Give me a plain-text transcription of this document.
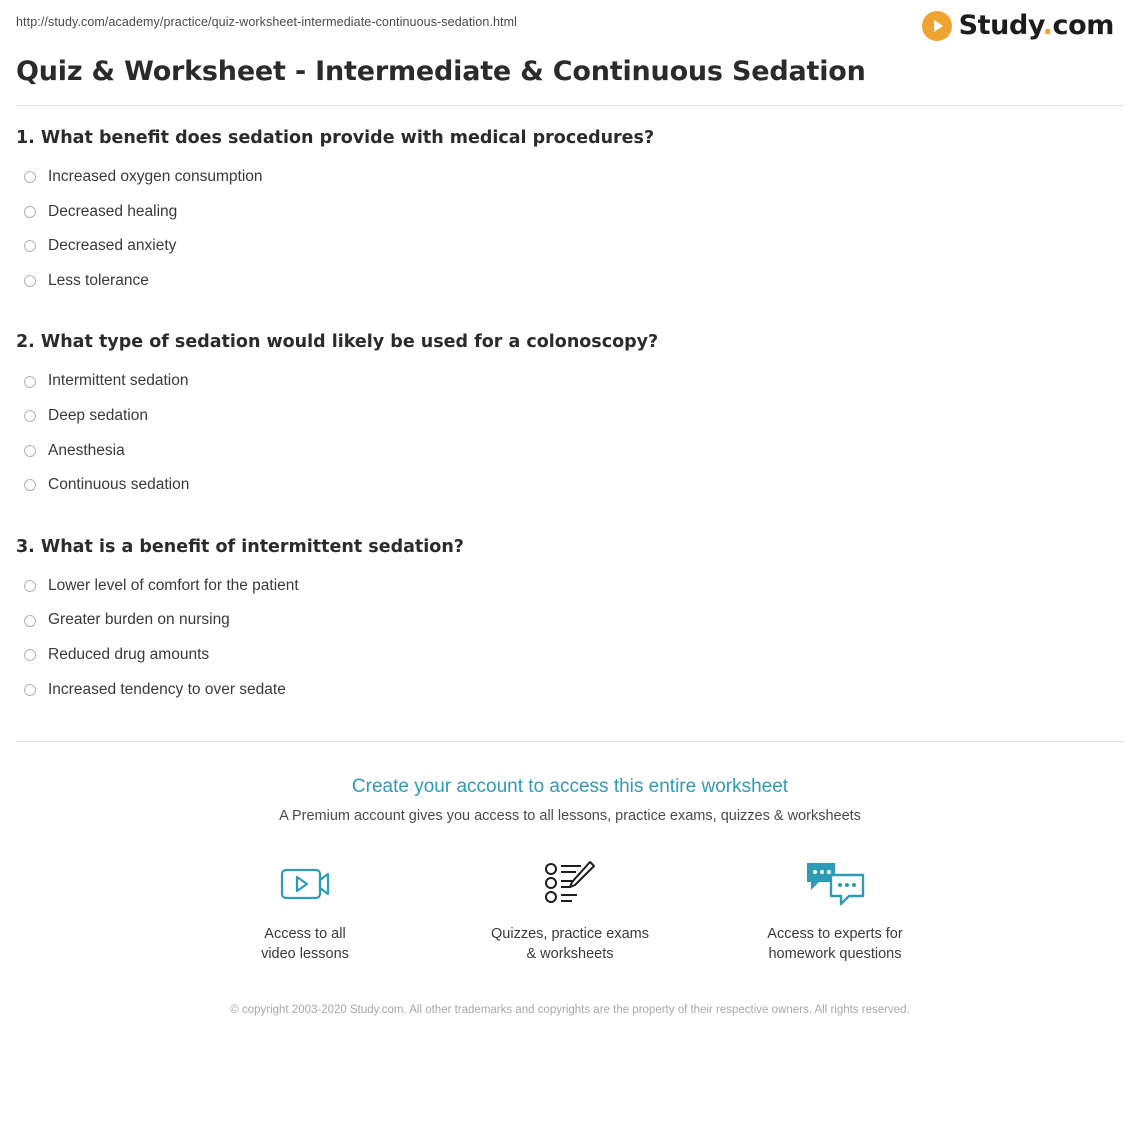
http://study.com/academy/practice/quiz-worksheet-intermediate-continuous-sedation.html	Study.com
Quiz & Worksheet - Intermediate & Continuous Sedation

1. What benefit does sedation provide with medical procedures?

Increased oxygen consumption
Decreased healing
Decreased anxiety
Less tolerance

2. What type of sedation would likely be used for a colonoscopy?

Intermittent sedation
Deep sedation
Anesthesia
Continuous sedation

3. What is a benefit of intermittent sedation?

Lower level of comfort for the patient
Greater burden on nursing
Reduced drug amounts
Increased tendency to over sedate

Create your account to access this entire worksheet

A Premium account gives you access to all lessons, practice exams, quizzes & worksheets

Access to all
video lessons
Quizzes, practice exams
& worksheets
Access to experts for
homework questions
© copyright 2003-2020 Study.com. All other trademarks and copyrights are the property of their respective owners. All rights reserved.
